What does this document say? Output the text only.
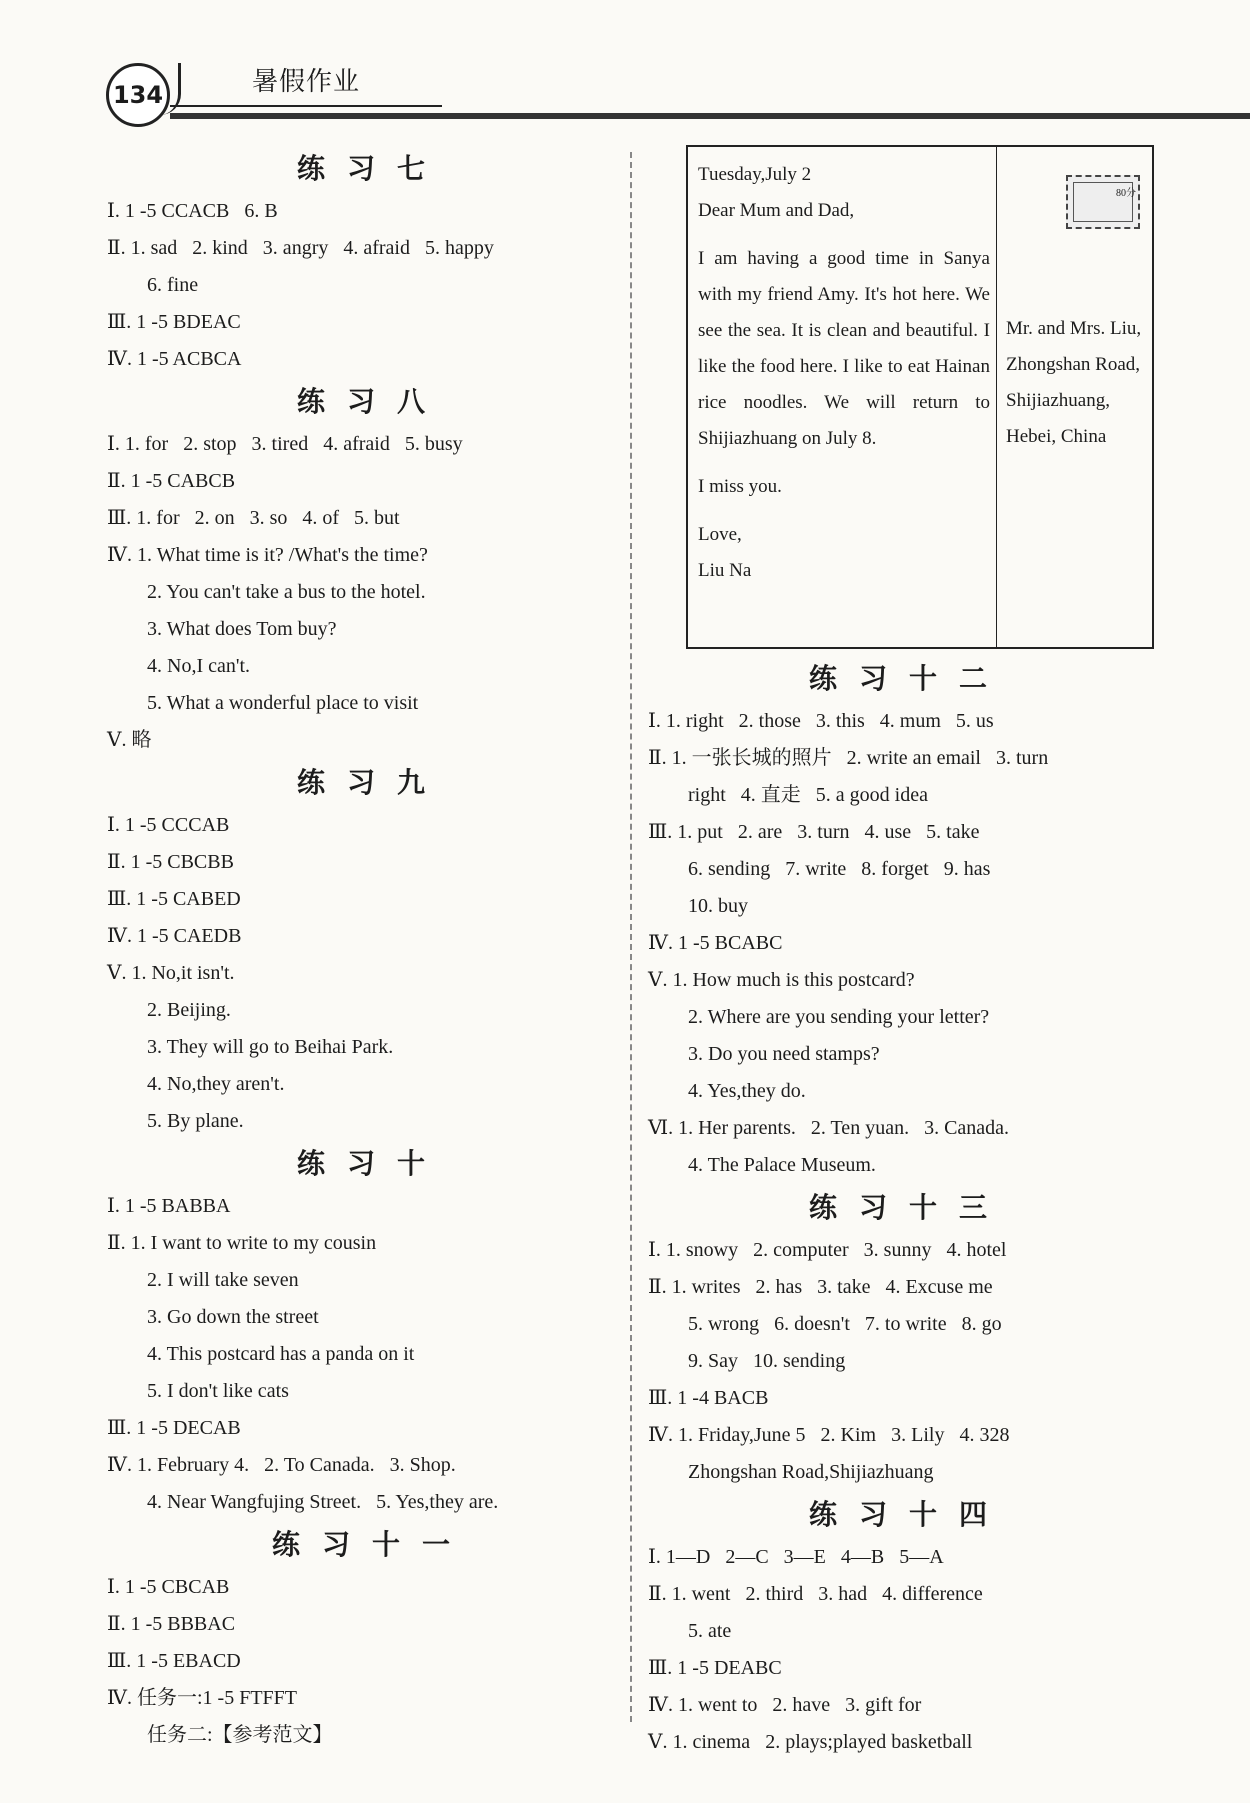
134	暑假作业
练习七
Ⅰ. 1 -5 CCACB   6. B
Ⅱ. 1. sad   2. kind   3. angry   4. afraid   5. happy
6. fine
Ⅲ. 1 -5 BDEAC
Ⅳ. 1 -5 ACBCA
练习八
Ⅰ. 1. for   2. stop   3. tired   4. afraid   5. busy
Ⅱ. 1 -5 CABCB
Ⅲ. 1. for   2. on   3. so   4. of   5. but
Ⅳ. 1. What time is it? /What's the time?
2. You can't take a bus to the hotel.
3. What does Tom buy?
4. No,I can't.
5. What a wonderful place to visit
Ⅴ. 略
练习九
Ⅰ. 1 -5 CCCAB
Ⅱ. 1 -5 CBCBB
Ⅲ. 1 -5 CABED
Ⅳ. 1 -5 CAEDB
Ⅴ. 1. No,it isn't.
2. Beijing.
3. They will go to Beihai Park.
4. No,they aren't.
5. By plane.
练习十
Ⅰ. 1 -5 BABBA
Ⅱ. 1. I want to write to my cousin
2. I will take seven
3. Go down the street
4. This postcard has a panda on it
5. I don't like cats
Ⅲ. 1 -5 DECAB
Ⅳ. 1. February 4.   2. To Canada.   3. Shop.
4. Near Wangfujing Street.   5. Yes,they are.
练习十一
Ⅰ. 1 -5 CBCAB
Ⅱ. 1 -5 BBBAC
Ⅲ. 1 -5 EBACD
Ⅳ. 任务一:1 -5 FTFFT
任务二:【参考范文】

Tuesday,July 2

Dear Mum and Dad,

I am having a good time in Sanya with my friend Amy. It's hot here. We see the sea. It is clean and beautiful. I like the food here. I like to eat Hainan rice noodles. We will return to Shijiazhuang on July 8.

I miss you.

Love,

Liu Na

80分
Mr. and Mrs. Liu, Zhongshan Road, Shijiazhuang, Hebei, China
练习十二
Ⅰ. 1. right   2. those   3. this   4. mum   5. us
Ⅱ. 1. 一张长城的照片   2. write an email   3. turn
right   4. 直走   5. a good idea
Ⅲ. 1. put   2. are   3. turn   4. use   5. take
6. sending   7. write   8. forget   9. has
10. buy
Ⅳ. 1 -5 BCABC
Ⅴ. 1. How much is this postcard?
2. Where are you sending your letter?
3. Do you need stamps?
4. Yes,they do.
Ⅵ. 1. Her parents.   2. Ten yuan.   3. Canada.
4. The Palace Museum.
练习十三
Ⅰ. 1. snowy   2. computer   3. sunny   4. hotel
Ⅱ. 1. writes   2. has   3. take   4. Excuse me
5. wrong   6. doesn't   7. to write   8. go
9. Say   10. sending
Ⅲ. 1 -4 BACB
Ⅳ. 1. Friday,June 5   2. Kim   3. Lily   4. 328
Zhongshan Road,Shijiazhuang
练习十四
Ⅰ. 1—D   2—C   3—E   4—B   5—A
Ⅱ. 1. went   2. third   3. had   4. difference
5. ate
Ⅲ. 1 -5 DEABC
Ⅳ. 1. went to   2. have   3. gift for
Ⅴ. 1. cinema   2. plays;played basketball
